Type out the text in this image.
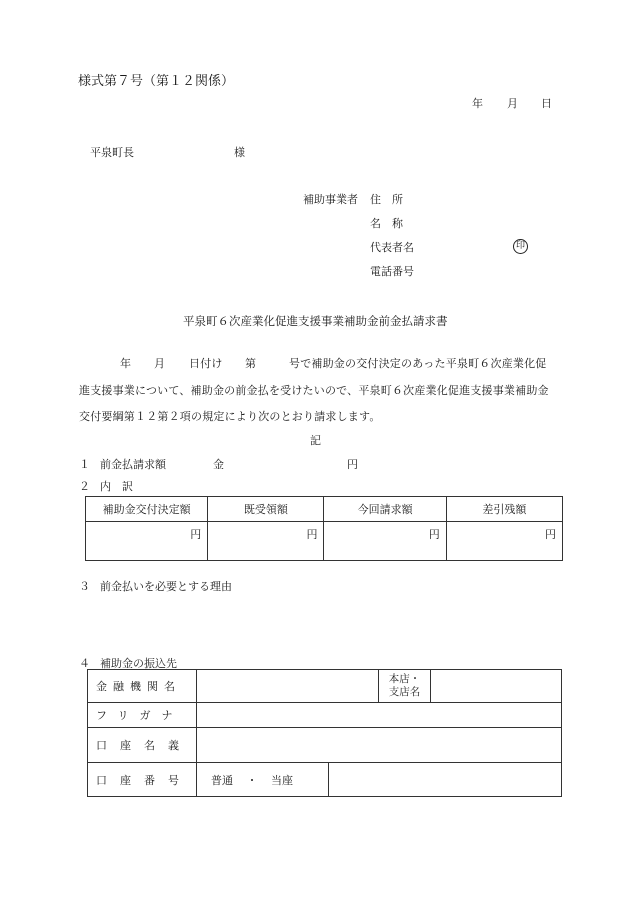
様式第７号（第１２関係）
年 月 日
平泉町長	様
補助事業者 住　所
名　称
代表者名	印
電話番号
平泉町６次産業化促進支援事業補助金前金払請求書
年 月 日付け 第	号で補助金の交付決定のあった平泉町６次産業化促
進支援事業について、補助金の前金払を受けたいので、平泉町６次産業化促進支援事業補助金
交付要綱第１２第２項の規定により次のとおり請求します。
記
１ 前金払請求額	金	円
２ 内　訳
補助金交付決定額	既受領額	今回請求額	差引残額
円	円	円	円
３ 前金払いを必要とする理由
４ 補助金の振込先
金融機関名			本店・
支店名	

フリガナ				
口座名義				
口座番号	普通 ・ 当座			
